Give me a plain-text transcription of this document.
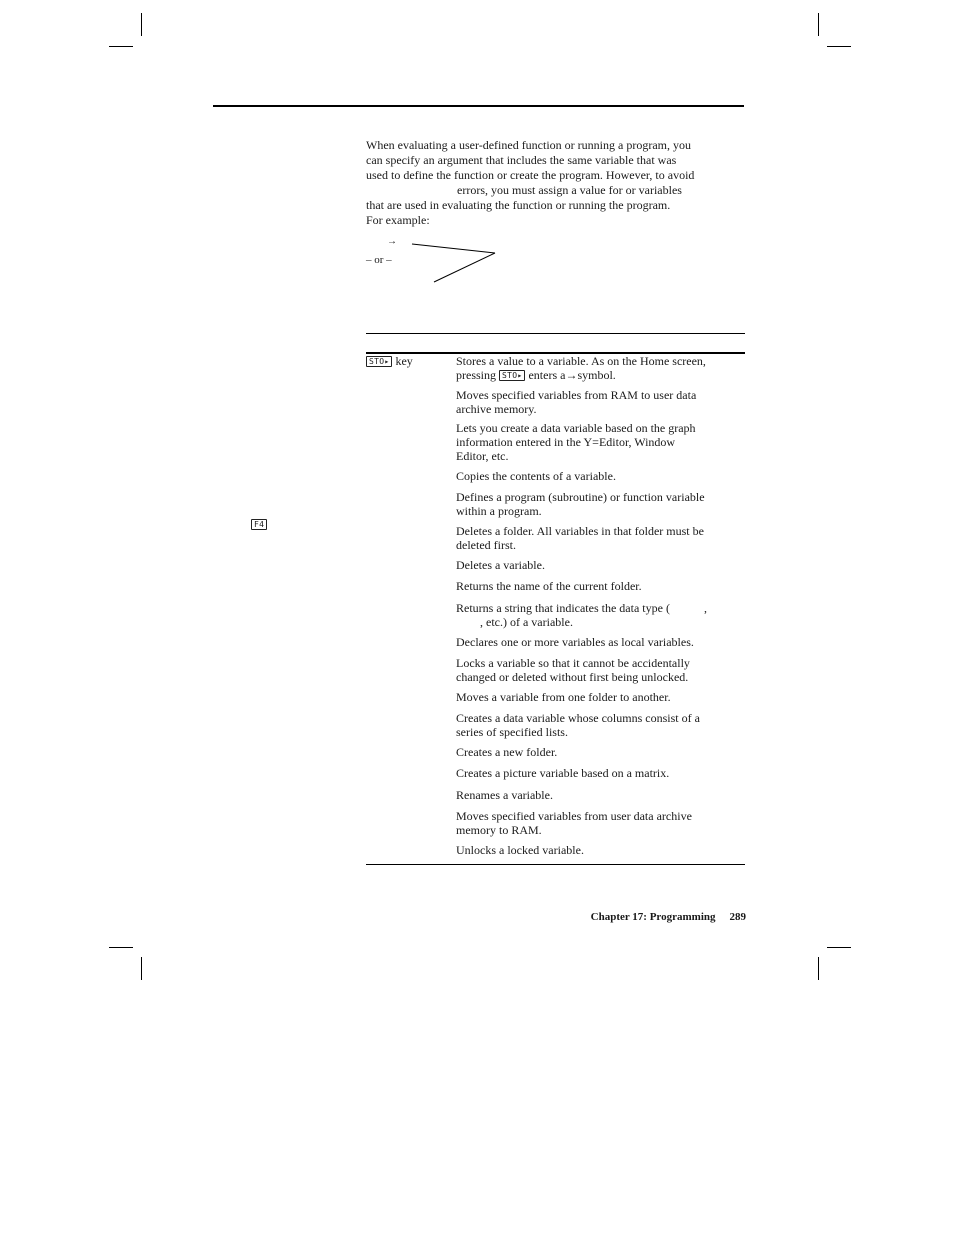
When evaluating a user-defined function or running a program, you

can specify an argument that includes the same variable that was

used to define the function or create the program. However, to avoid

errors, you must assign a value for or variables

that are used in evaluating the function or running the program.

For example:

→
– or –
F4
STO▸ key	Stores a value to a variable. As on the Home screen,
pressing STO▸ enters a→symbol.
Moves specified variables from RAM to user data
archive memory.
Lets you create a data variable based on the graph
information entered in the Y=Editor, Window
Editor, etc.
Copies the contents of a variable.
Defines a program (subroutine) or function variable
within a program.
Deletes a folder. All variables in that folder must be
deleted first.
Deletes a variable.
Returns the name of the current folder.
Returns a string that indicates the data type (	,
, etc.) of a variable.
Declares one or more variables as local variables.
Locks a variable so that it cannot be accidentally
changed or deleted without first being unlocked.
Moves a variable from one folder to another.
Creates a data variable whose columns consist of a
series of specified lists.
Creates a new folder.
Creates a picture variable based on a matrix.
Renames a variable.
Moves specified variables from user data archive
memory to RAM.
Unlocks a locked variable.
Chapter 17: Programming 289
